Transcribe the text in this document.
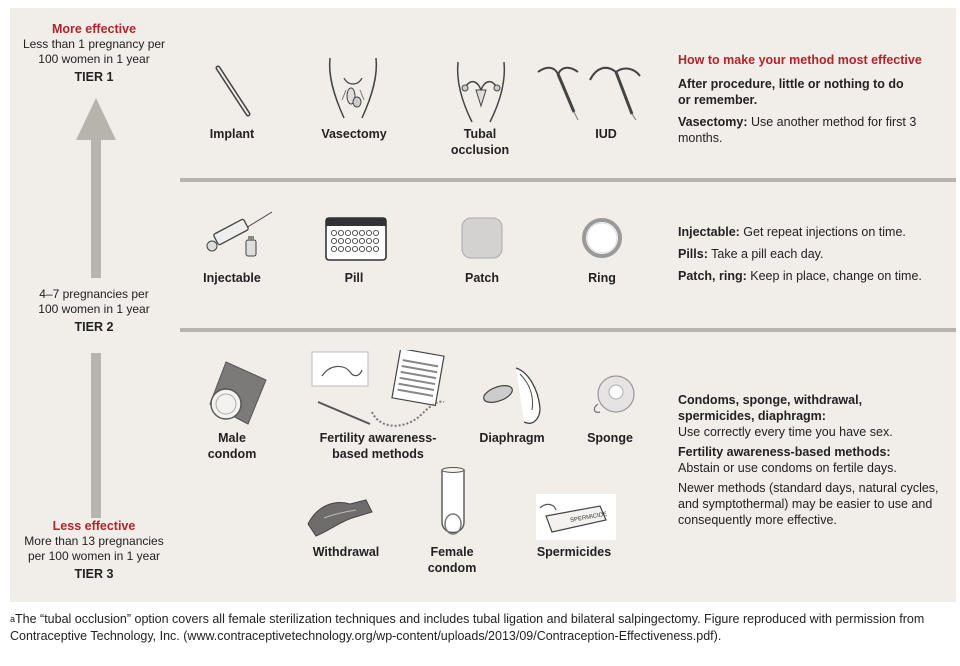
More effective
Less than 1 pregnancy per
100 women in 1 year
TIER 1
4–7 pregnancies per
100 women in 1 year
TIER 2
Less effective
More than 13 pregnancies
per 100 women in 1 year
TIER 3
Implant	Vasectomy	Tubal
occlusion
IUD
Injectable	Pill	Patch	Ring
Male
condom
Fertility awareness-
based methods
Diaphragm	Sponge
Withdrawal	Female
condom
SPERMICIDE
Spermicides

How to make your method most effective

After procedure, little or nothing to do or remember.

Vasectomy: Use another method for first 3 months.

Injectable: Get repeat injections on time.

Pills: Take a pill each day.

Patch, ring: Keep in place, change on time.

Condoms, sponge, withdrawal, spermicides, diaphragm:
Use correctly every time you have sex.

Fertility awareness-based methods:
Abstain or use condoms on fertile days.

Newer methods (standard days, natural cycles, and symptothermal) may be easier to use and consequently more effective.

$^a$The “tubal occlusion” option covers all female sterilization techniques and includes tubal ligation and bilateral salpingectomy. Figure reproduced with permission from Contraceptive Technology, Inc. (www.contraceptivetechnology.org/wp-content/uploads/2013/09/Contraception-Effectiveness.pdf).
